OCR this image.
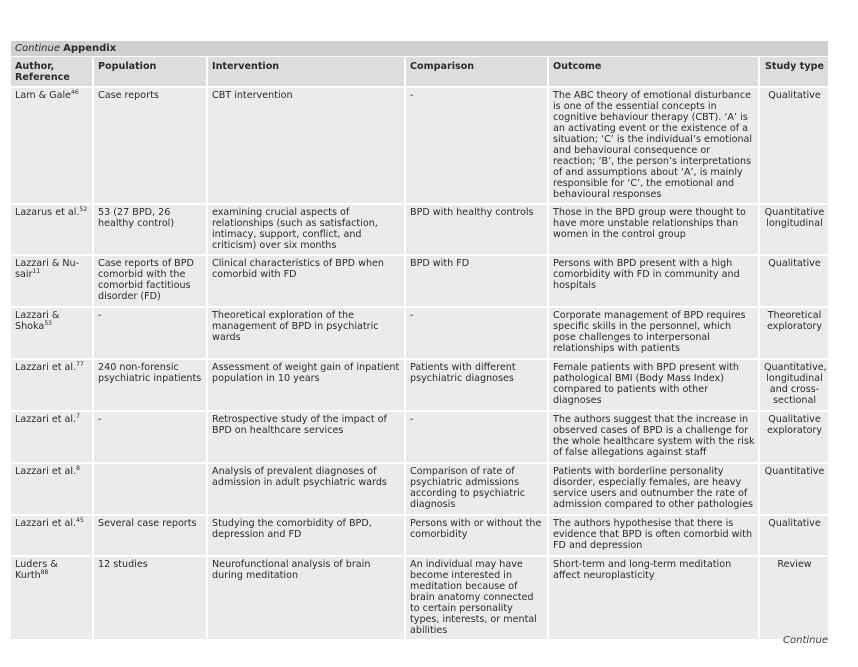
Continue Appendix
Author, Reference	Population	Intervention	Comparison	Outcome	Study type
Lam & Gale$^{46}$	Case reports	CBT intervention	-	The ABC theory of emotional disturbance is one of the essential concepts in cognitive behaviour therapy (CBT). ‘A’ is an activating event or the existence of a situation; ‘C’ is the individual’s emotional and behavioural consequence or reaction; ‘B’, the person’s interpretations of and assumptions about ‘A’, is mainly responsible for ‘C’, the emotional and behavioural responses	Qualitative
Lazarus et al.$^{52}$	53 (27 BPD, 26 healthy control)	examining crucial aspects of relationships (such as satisfaction, intimacy, support, conflict, and criticism) over six months	BPD with healthy controls	Those in the BPD group were thought to have more unstable relationships than women in the control group	Quantitative longitudinal
Lazzari & Nu-sair$^{11}$	Case reports of BPD comorbid with the comorbid factitious disorder (FD)	Clinical characteristics of BPD when comorbid with FD	BPD with FD	Persons with BPD present with a high comorbidity with FD in community and hospitals	Qualitative
Lazzari & Shoka$^{53}$	-	Theoretical exploration of the management of BPD in psychiatric wards	-	Corporate management of BPD requires specific skills in the personnel, which pose challenges to interpersonal relationships with patients	Theoretical exploratory
Lazzari et al.$^{77}$	240 non-forensic psychiatric inpatients	Assessment of weight gain of inpatient population in 10 years	Patients with different psychiatric diagnoses	Female patients with BPD present with pathological BMI (Body Mass Index) compared to patients with other diagnoses	Quantitative, longitudinal and cross-sectional
Lazzari et al.$^7$	-	Retrospective study of the impact of BPD on healthcare services	-	The authors suggest that the increase in observed cases of BPD is a challenge for the whole healthcare system with the risk of false allegations against staff	Qualitative exploratory
Lazzari et al.$^8$		Analysis of prevalent diagnoses of admission in adult psychiatric wards	Comparison of rate of psychiatric admissions according to psychiatric diagnosis	Patients with borderline personality disorder, especially females, are heavy service users and outnumber the rate of admission compared to other pathologies	Quantitative
Lazzari et al.$^{45}$	Several case reports	Studying the comorbidity of BPD, depression and FD	Persons with or without the comorbidity	The authors hypothesise that there is evidence that BPD is often comorbid with FD and depression	Qualitative
Luders & Kurth$^{88}$	12 studies	Neurofunctional analysis of brain during meditation	An individual may have become interested in meditation because of brain anatomy connected to certain personality types, interests, or mental abilities	Short-term and long-term meditation affect neuroplasticity	Review
Continue
